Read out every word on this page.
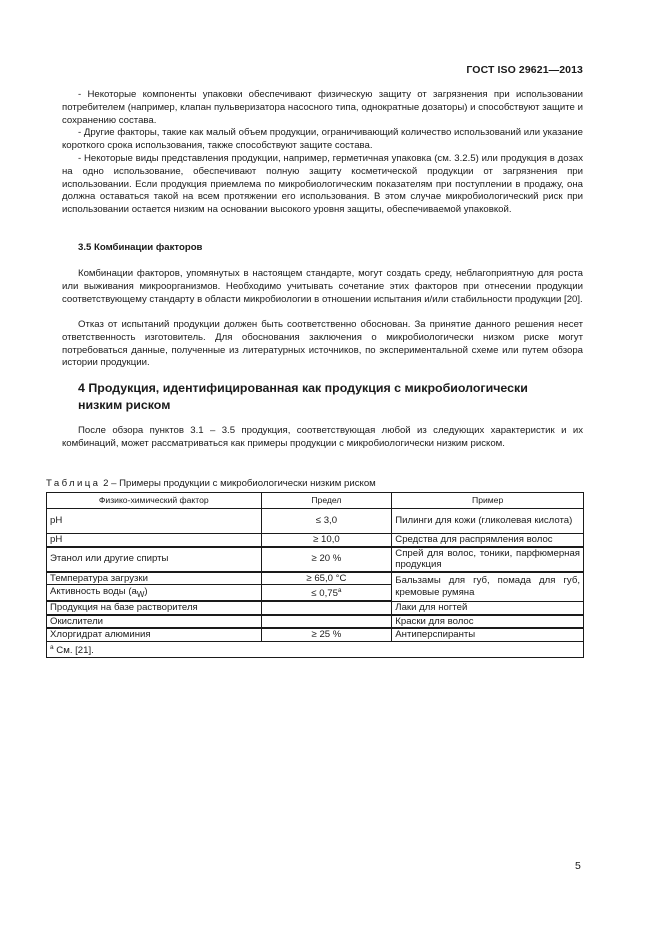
ГОСТ ISO 29621—2013

- Некоторые компоненты упаковки обеспечивают физическую защиту от загрязнения при использовании потребителем (например, клапан пульверизатора насосного типа, однократные дозаторы) и способствуют защите и сохранению состава.

- Другие факторы, такие как малый объем продукции, ограничивающий количество использований или указание короткого срока использования, также способствуют защите состава.

- Некоторые виды представления продукции, например, герметичная упаковка (см. 3.2.5) или продукция в дозах на одно использование, обеспечивают полную защиту косметической продукции от загрязнения при использовании. Если продукция приемлема по микробиологическим показателям при поступлении в продажу, она должна оставаться такой на всем протяжении его использования. В этом случае микробиологический риск при использовании остается низким на основании высокого уровня защиты, обеспечиваемой упаковкой.

3.5 Комбинации факторов

Комбинации факторов, упомянутых в настоящем стандарте, могут создать среду, неблагоприятную для роста или выживания микроорганизмов. Необходимо учитывать сочетание этих факторов при отнесении продукции соответствующему стандарту в области микробиологии в отношении испытания и/или стабильности продукции [20].

Отказ от испытаний продукции должен быть соответственно обоснован. За принятие данного решения несет ответственность изготовитель. Для обоснования заключения о микробиологически низком риске могут потребоваться данные, полученные из литературных источников, по экспериментальной схеме или путем обзора истории продукции.

4 Продукция, идентифицированная как продукция с микробиологически
низким риском

После обзора пунктов 3.1 – 3.5 продукция, соответствующая любой из следующих характеристик и их комбинаций, может рассматриваться как примеры продукции с микробиологически низким риском.

Таблица 2 – Примеры продукции с микробиологически низким риском
Физико-химический фактор	Предел	Пример
pH	≤ 3,0	Пилинги для кожи (гликолевая кислота)
pH	≥ 10,0	Средства для распрямления волос
Этанол или другие спирты	≥ 20 %	Спрей для волос, тоники, парфюмерная продукция
Температура загрузки	≥ 65,0 °C	Бальзамы для губ, помада для губ, кремовые румяна
Активность воды $(a_W)$	≤ 0,75$^a$
Продукция на базе растворителя		Лаки для ногтей
Окислители		Краски для волос
Хлоргидрат алюминия	≥ 25 %	Антиперспиранты
$^a$ См. [21].		
5
